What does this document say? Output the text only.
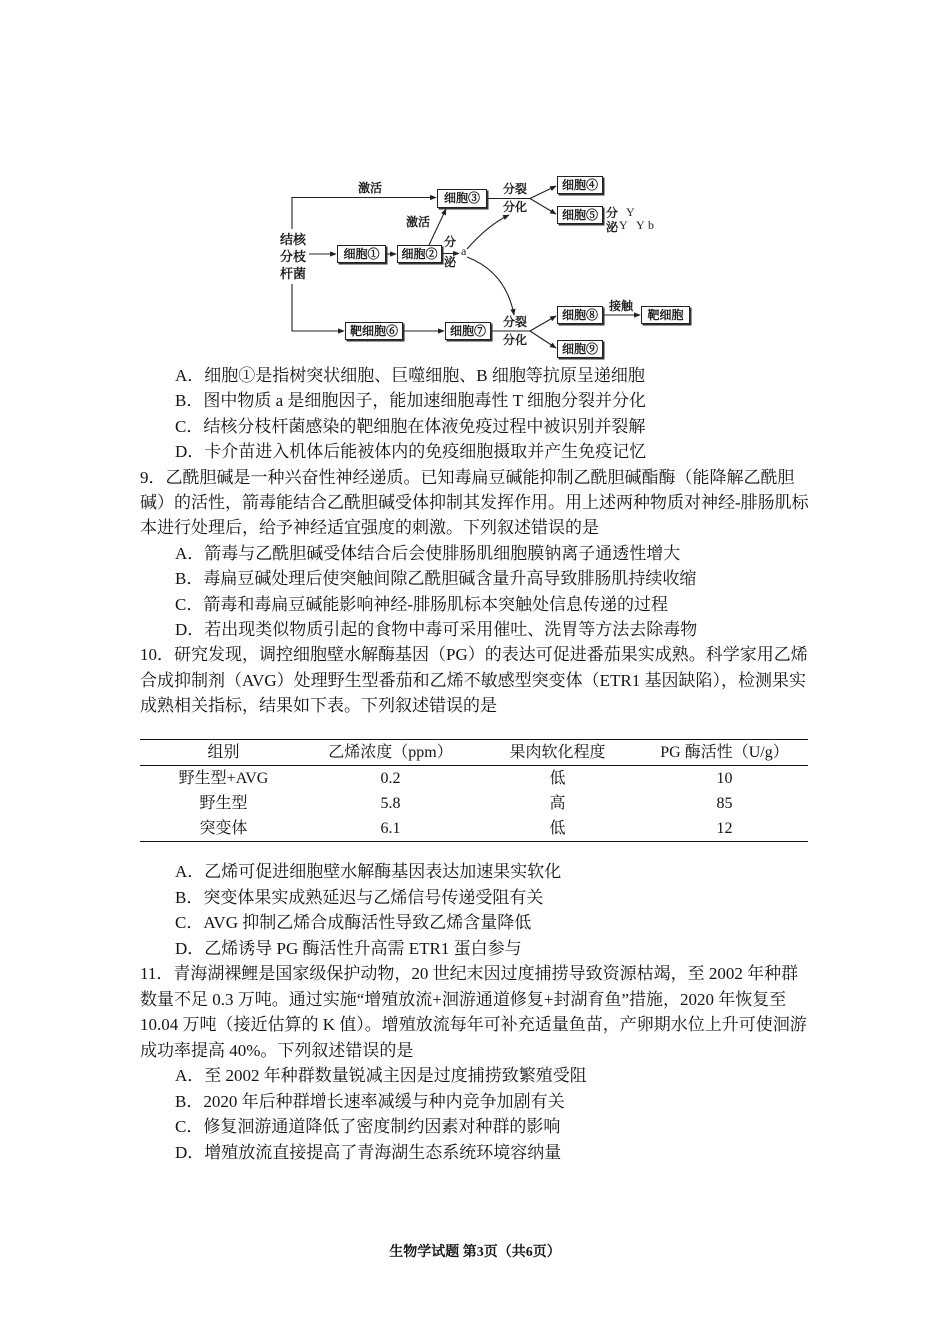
结核
分枝
杆菌
激活
激活
分
泌
a
分裂
分化
分裂
分化
分
泌
Y
Y Y b
接触
细胞①	细胞②
细胞③
细胞④
细胞⑤
靶细胞⑥	细胞⑦
细胞⑧
细胞⑨
靶细胞
A．细胞①是指树突状细胞、巨噬细胞、B 细胞等抗原呈递细胞
B．图中物质 a 是细胞因子，能加速细胞毒性 T 细胞分裂并分化
C．结核分枝杆菌感染的靶细胞在体液免疫过程中被识别并裂解
D．卡介苗进入机体后能被体内的免疫细胞摄取并产生免疫记忆
9．乙酰胆碱是一种兴奋性神经递质。已知毒扁豆碱能抑制乙酰胆碱酯酶（能降解乙酰胆
碱）的活性，箭毒能结合乙酰胆碱受体抑制其发挥作用。用上述两种物质对神经-腓肠肌标
本进行处理后，给予神经适宜强度的刺激。下列叙述错误的是
A．箭毒与乙酰胆碱受体结合后会使腓肠肌细胞膜钠离子通透性增大
B．毒扁豆碱处理后使突触间隙乙酰胆碱含量升高导致腓肠肌持续收缩
C．箭毒和毒扁豆碱能影响神经-腓肠肌标本突触处信息传递的过程
D．若出现类似物质引起的食物中毒可采用催吐、洗胃等方法去除毒物
10．研究发现，调控细胞壁水解酶基因（PG）的表达可促进番茄果实成熟。科学家用乙烯
合成抑制剂（AVG）处理野生型番茄和乙烯不敏感型突变体（ETR1 基因缺陷），检测果实
成熟相关指标，结果如下表。下列叙述错误的是
组别	乙烯浓度（ppm）	果肉软化程度	PG 酶活性（U/g）
野生型+AVG	0.2	低	10
野生型	5.8	高	85
突变体	6.1	低	12
A．乙烯可促进细胞壁水解酶基因表达加速果实软化
B．突变体果实成熟延迟与乙烯信号传递受阻有关
C．AVG 抑制乙烯合成酶活性导致乙烯含量降低
D．乙烯诱导 PG 酶活性升高需 ETR1 蛋白参与
11．青海湖裸鲤是国家级保护动物，20 世纪末因过度捕捞导致资源枯竭，至 2002 年种群
数量不足 0.3 万吨。通过实施“增殖放流+洄游通道修复+封湖育鱼”措施，2020 年恢复至
10.04 万吨（接近估算的 K 值）。增殖放流每年可补充适量鱼苗，产卵期水位上升可使洄游
成功率提高 40%。下列叙述错误的是
A．至 2002 年种群数量锐减主因是过度捕捞致繁殖受阻
B．2020 年后种群增长速率减缓与种内竞争加剧有关
C．修复洄游通道降低了密度制约因素对种群的影响
D．增殖放流直接提高了青海湖生态系统环境容纳量
生物学试题 第3页（共6页）
